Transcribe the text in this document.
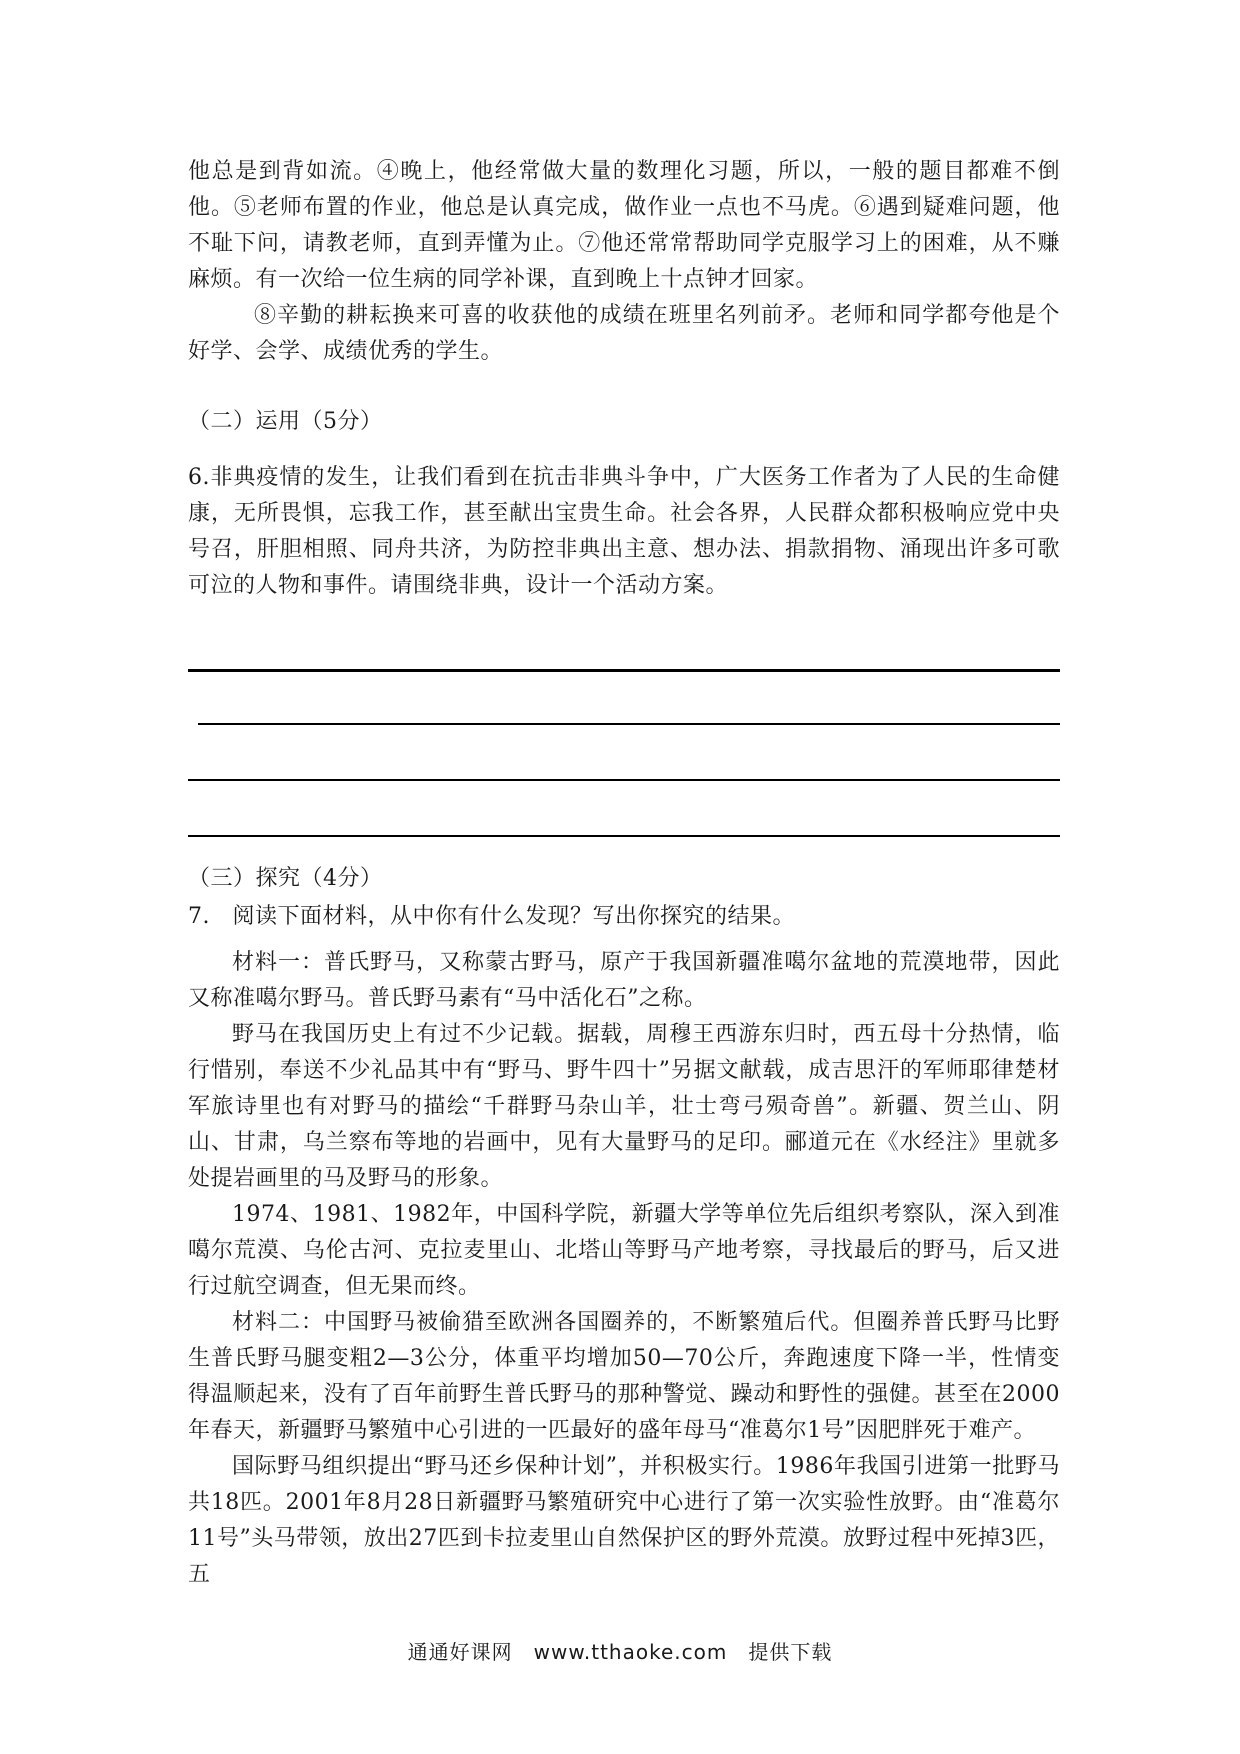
他总是到背如流。④晚上，他经常做大量的数理化习题，所以，一般的题目都难不倒他。⑤老师布置的作业，他总是认真完成，做作业一点也不马虎。⑥遇到疑难问题，他不耻下问，请教老师，直到弄懂为止。⑦他还常常帮助同学克服学习上的困难，从不赚麻烦。有一次给一位生病的同学补课，直到晚上十点钟才回家。

⑧辛勤的耕耘换来可喜的收获他的成绩在班里名列前矛。老师和同学都夸他是个好学、会学、成绩优秀的学生。

（二）运用（5分）

6.非典疫情的发生，让我们看到在抗击非典斗争中，广大医务工作者为了人民的生命健康，无所畏惧，忘我工作，甚至献出宝贵生命。社会各界，人民群众都积极响应党中央号召，肝胆相照、同舟共济，为防控非典出主意、想办法、捐款捐物、涌现出许多可歌可泣的人物和事件。请围绕非典，设计一个活动方案。

（三）探究（4分）

7.　阅读下面材料，从中你有什么发现？写出你探究的结果。

材料一：普氏野马，又称蒙古野马，原产于我国新疆准噶尔盆地的荒漠地带，因此又称准噶尔野马。普氏野马素有“马中活化石”之称。

野马在我国历史上有过不少记载。据载，周穆王西游东归时，西五母十分热情，临行惜别，奉送不少礼品其中有“野马、野牛四十”另据文献载，成吉思汗的军师耶律楚材军旅诗里也有对野马的描绘“千群野马杂山羊，壮士弯弓殒奇兽”。新疆、贺兰山、阴山、甘肃，乌兰察布等地的岩画中，见有大量野马的足印。郦道元在《水经注》里就多处提岩画里的马及野马的形象。

1974、1981、1982年，中国科学院，新疆大学等单位先后组织考察队，深入到准噶尔荒漠、乌伦古河、克拉麦里山、北塔山等野马产地考察，寻找最后的野马，后又进行过航空调查，但无果而终。

材料二：中国野马被偷猎至欧洲各国圈养的，不断繁殖后代。但圈养普氏野马比野生普氏野马腿变粗2—3公分，体重平均增加50—70公斤，奔跑速度下降一半，性情变得温顺起来，没有了百年前野生普氏野马的那种警觉、躁动和野性的强健。甚至在2000年春天，新疆野马繁殖中心引进的一匹最好的盛年母马“准葛尔1号”因肥胖死于难产。

国际野马组织提出“野马还乡保种计划”，并积极实行。1986年我国引进第一批野马共18匹。2001年8月28日新疆野马繁殖研究中心进行了第一次实验性放野。由“准葛尔11号”头马带领，放出27匹到卡拉麦里山自然保护区的野外荒漠。放野过程中死掉3匹，五

通通好课网　www.tthaoke.com　提供下载
